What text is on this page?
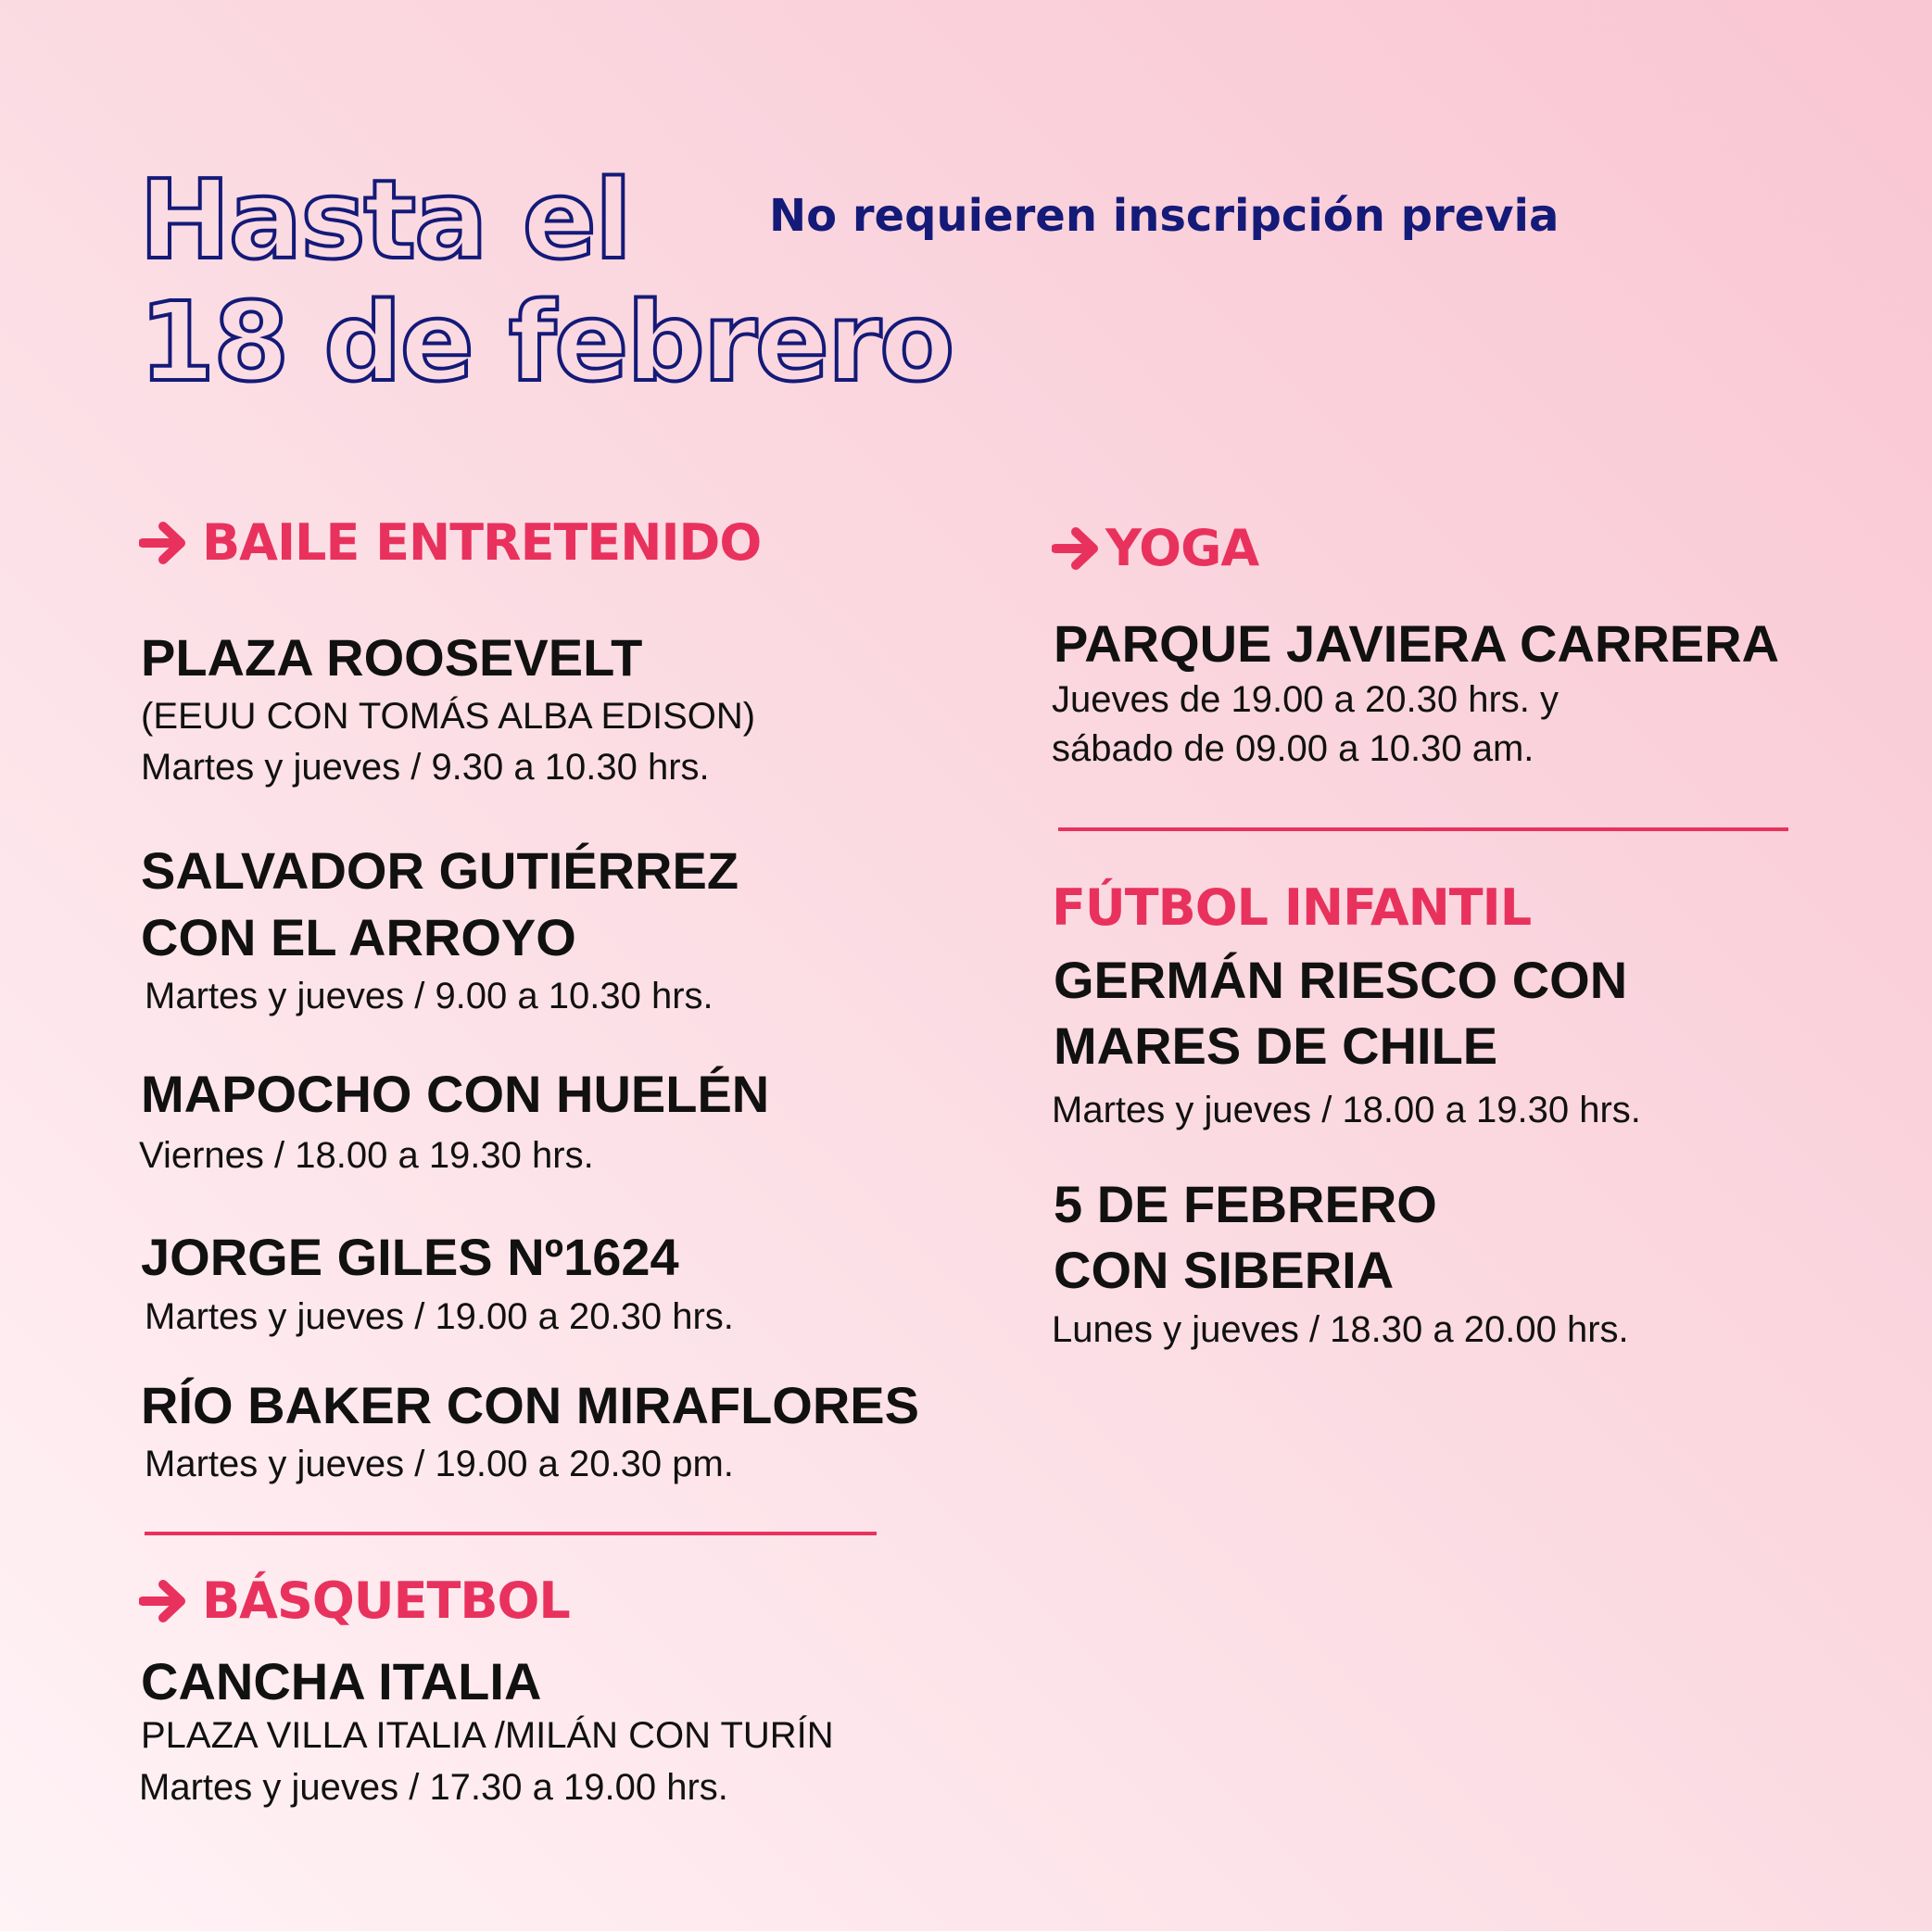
Hasta el
18 de febrero
No requieren inscripción previa
BAILE ENTRETENIDO
PLAZA ROOSEVELT
(EEUU CON TOMÁS ALBA EDISON)
Martes y jueves / 9.30 a 10.30 hrs.
SALVADOR GUTIÉRREZ
CON EL ARROYO
Martes y jueves / 9.00 a 10.30 hrs.
MAPOCHO CON HUELÉN
Viernes / 18.00 a 19.30 hrs.
JORGE GILES Nº1624
Martes y jueves / 19.00 a 20.30 hrs.
RÍO BAKER CON MIRAFLORES
Martes y jueves / 19.00 a 20.30 pm.
BÁSQUETBOL
CANCHA ITALIA
PLAZA VILLA ITALIA /MILÁN CON TURÍN
Martes y jueves / 17.30 a 19.00 hrs.
YOGA
PARQUE JAVIERA CARRERA
Jueves de 19.00 a 20.30 hrs. y
sábado de 09.00 a 10.30 am.
FÚTBOL INFANTIL
GERMÁN RIESCO CON
MARES DE CHILE
Martes y jueves / 18.00 a 19.30 hrs.
5 DE FEBRERO
CON SIBERIA
Lunes y jueves / 18.30 a 20.00 hrs.
